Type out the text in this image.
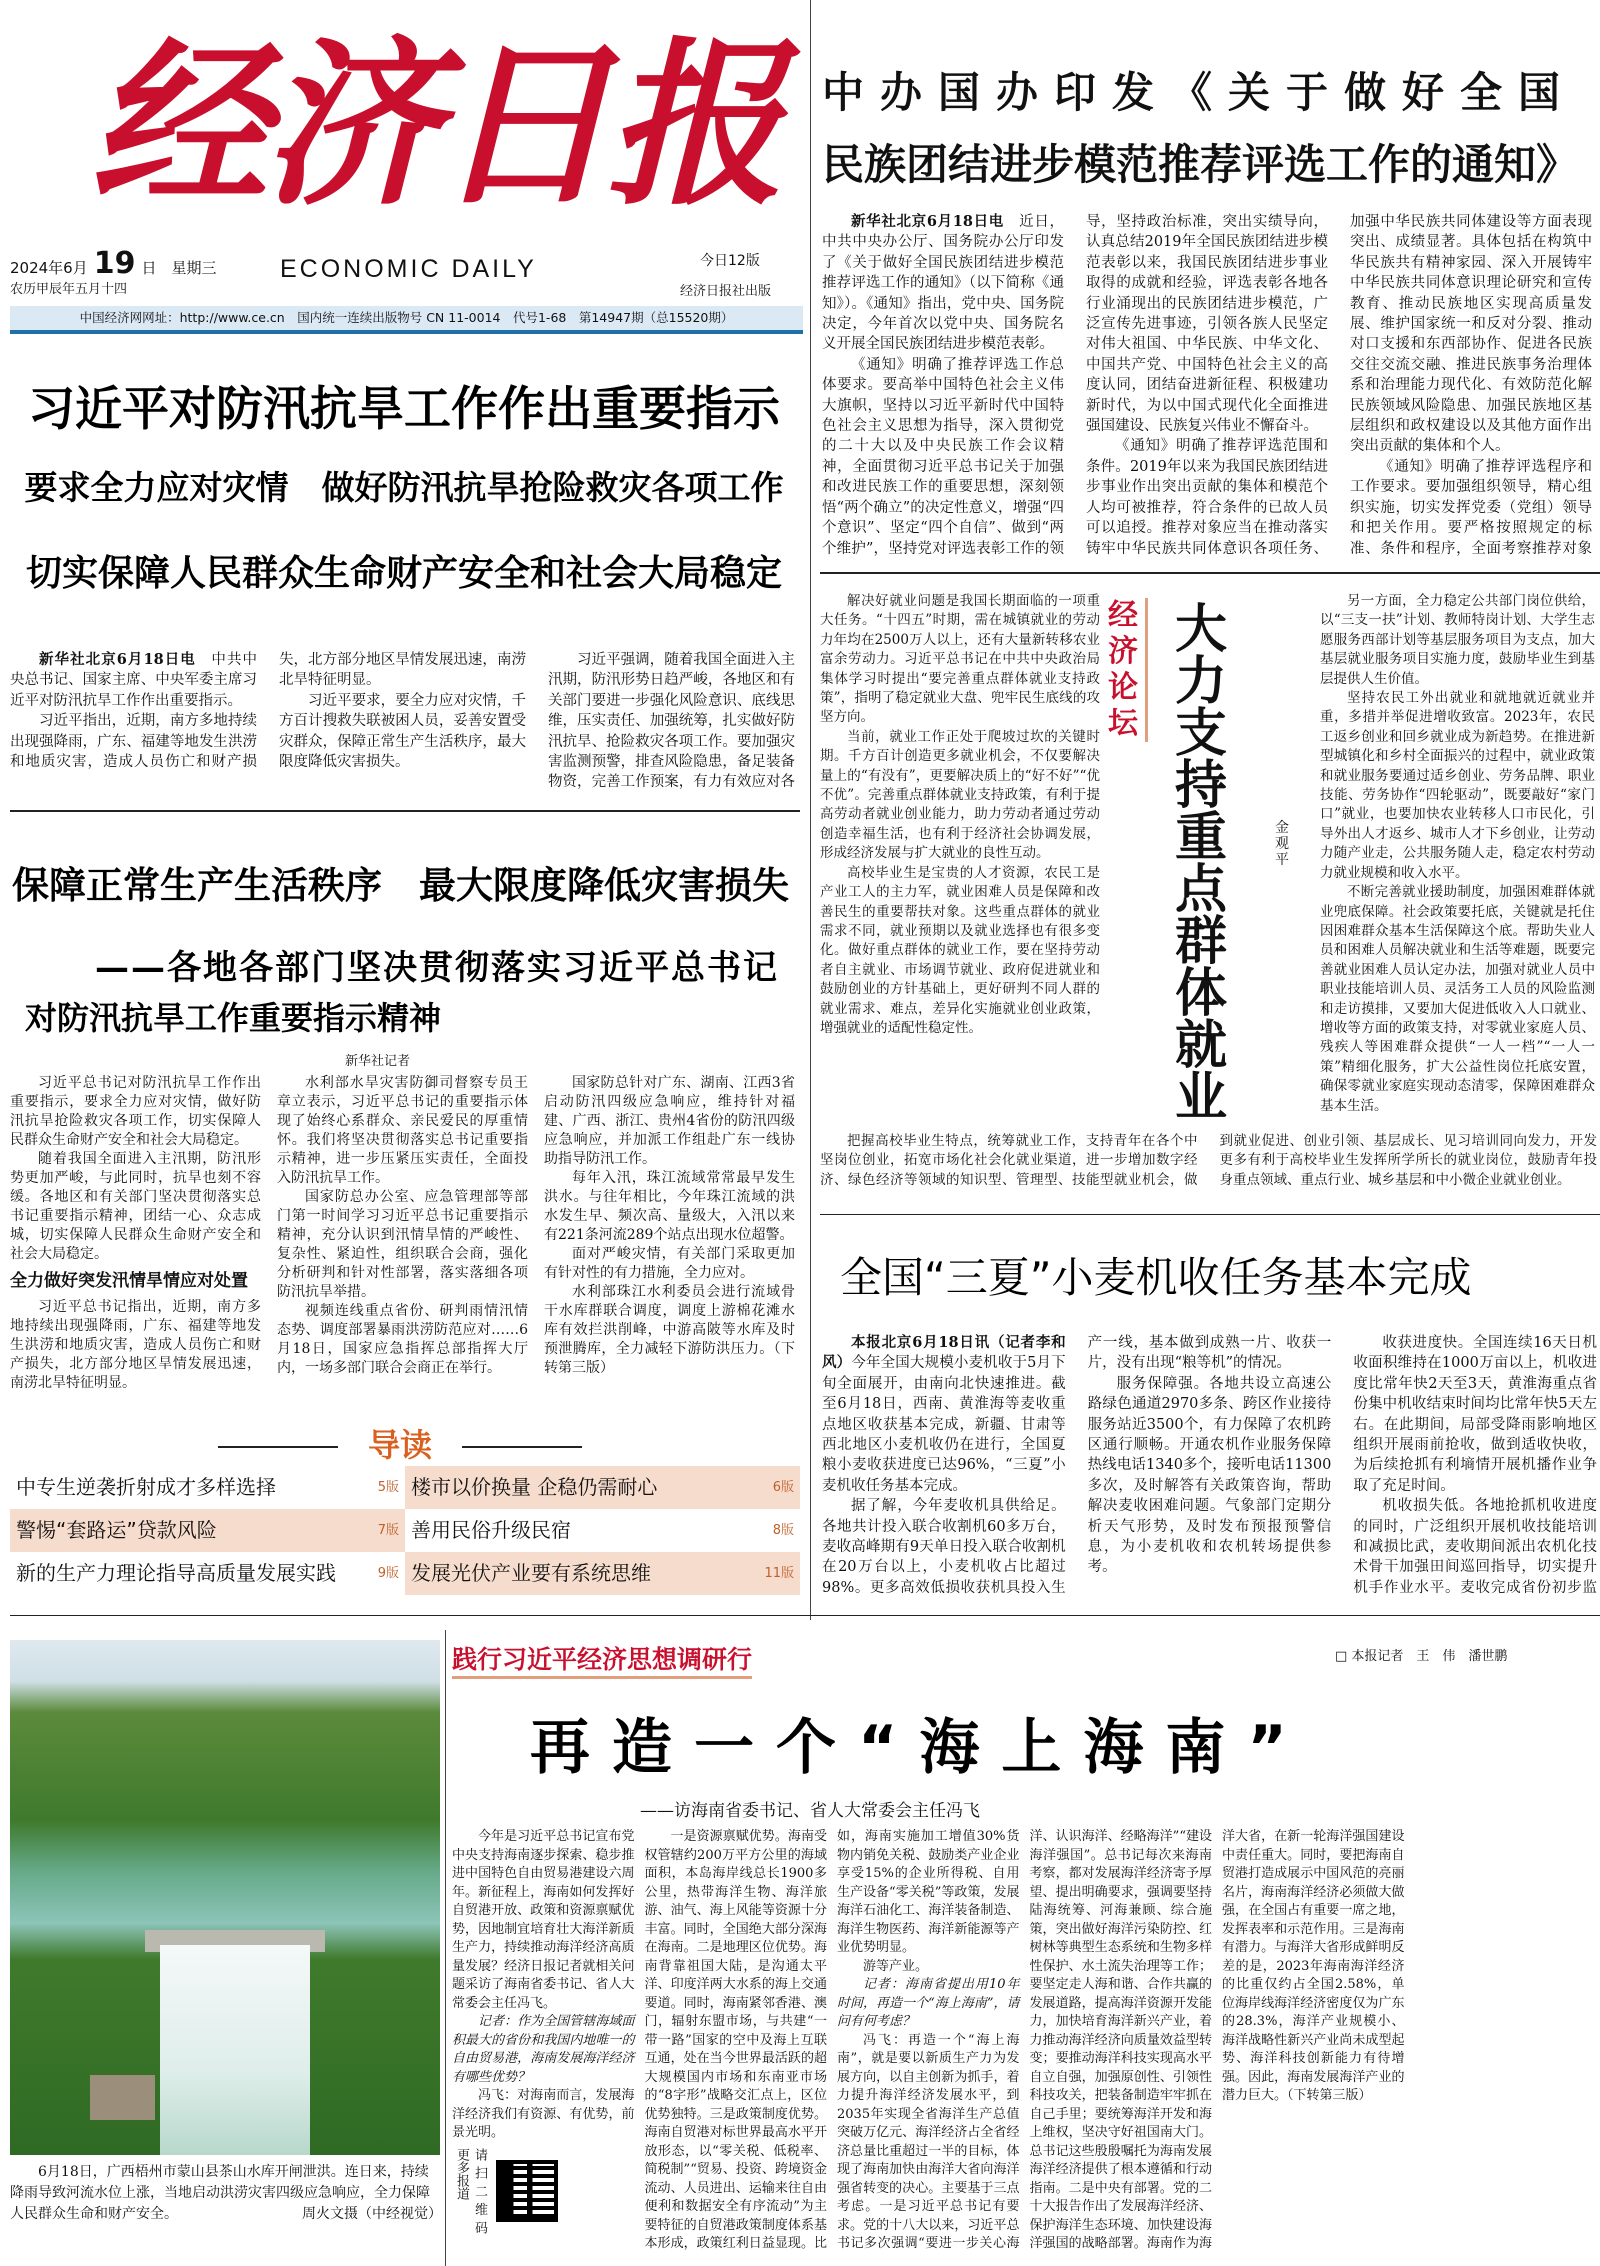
经济日报
2024年6月 19 日　星期三
农历甲辰年五月十四
ECONOMIC DAILY	今日12版
经济日报社出版
中国经济网网址：http://www.ce.cn　国内统一连续出版物号 CN 11-0014　代号1-68　第14947期（总15520期）
中办国办印发《关于做好全国
民族团结进步模范推荐评选工作的通知》

新华社北京6月18日电　 近日，中共中央办公厅、国务院办公厅印发了《关于做好全国民族团结进步模范推荐评选工作的通知》（以下简称《通知》）。《通知》指出，党中央、国务院决定，今年首次以党中央、国务院名义开展全国民族团结进步模范表彰。

《通知》明确了推荐评选工作总体要求。要高举中国特色社会主义伟大旗帜，坚持以习近平新时代中国特色社会主义思想为指导，深入贯彻党的二十大以及中央民族工作会议精神，全面贯彻习近平总书记关于加强和改进民族工作的重要思想，深刻领悟“两个确立”的决定性意义，增强“四个意识”、坚定“四个自信”、做到“两个维护”，坚持党对评选表彰工作的领导，坚持政治标准，突出实绩导向，认真总结2019年全国民族团结进步模范表彰以来，我国民族团结进步事业取得的成就和经验，评选表彰各地各行业涌现出的民族团结进步模范，广泛宣传先进事迹，引领各族人民坚定对伟大祖国、中华民族、中华文化、中国共产党、中国特色社会主义的高度认同，团结奋进新征程、积极建功新时代，为以中国式现代化全面推进强国建设、民族复兴伟业不懈奋斗。

《通知》明确了推荐评选范围和条件。2019年以来为我国民族团结进步事业作出突出贡献的集体和模范个人均可被推荐，符合条件的已故人员可以追授。推荐对象应当在推动落实铸牢中华民族共同体意识各项任务、加强中华民族共同体建设等方面表现突出、成绩显著。具体包括在构筑中华民族共有精神家园、深入开展铸牢中华民族共同体意识理论研究和宣传教育、推动民族地区实现高质量发展、维护国家统一和反对分裂、推动对口支援和东西部协作、促进各民族交往交流交融、推进民族事务治理体系和治理能力现代化、有效防范化解民族领域风险隐患、加强民族地区基层组织和政权建设以及其他方面作出突出贡献的集体和个人。

《通知》明确了推荐评选程序和工作要求。要加强组织领导，精心组织实施，切实发挥党委（党组）领导和把关作用。要严格按照规定的标准、条件和程序，全面考察推荐对象

习近平对防汛抗旱工作作出重要指示
要求全力应对灾情　做好防汛抗旱抢险救灾各项工作
切实保障人民群众生命财产安全和社会大局稳定

新华社北京6月18日电　 中共中央总书记、国家主席、中央军委主席习近平对防汛抗旱工作作出重要指示。

习近平指出，近期，南方多地持续出现强降雨，广东、福建等地发生洪涝和地质灾害，造成人员伤亡和财产损失，北方部分地区旱情发展迅速，南涝北旱特征明显。

习近平要求，要全力应对灾情，千方百计搜救失联被困人员，妥善安置受灾群众，保障正常生产生活秩序，最大限度降低灾害损失。

习近平强调，随着我国全面进入主汛期，防汛形势日趋严峻，各地区和有关部门要进一步强化风险意识、底线思维，压实责任、加强统筹，扎实做好防汛抗旱、抢险救灾各项工作。要加强灾害监测预警，排查风险隐患，备足装备物资，完善工作预案，有力有效应对各

保障正常生产生活秩序　最大限度降低灾害损失
——各地各部门坚决贯彻落实习近平总书记
对防汛抗旱工作重要指示精神
新华社记者

习近平总书记对防汛抗旱工作作出重要指示，要求全力应对灾情，做好防汛抗旱抢险救灾各项工作，切实保障人民群众生命财产安全和社会大局稳定。

随着我国全面进入主汛期，防汛形势更加严峻，与此同时，抗旱也刻不容缓。各地区和有关部门坚决贯彻落实总书记重要指示精神，团结一心、众志成城，切实保障人民群众生命财产安全和社会大局稳定。

全力做好突发汛情旱情应对处置

习近平总书记指出，近期，南方多地持续出现强降雨，广东、福建等地发生洪涝和地质灾害，造成人员伤亡和财产损失，北方部分地区旱情发展迅速，南涝北旱特征明显。

水利部水旱灾害防御司督察专员王章立表示，习近平总书记的重要指示体现了始终心系群众、亲民爱民的厚重情怀。我们将坚决贯彻落实总书记重要指示精神，进一步压紧压实责任，全面投入防汛抗旱工作。

国家防总办公室、应急管理部等部门第一时间学习习近平总书记重要指示精神，充分认识到汛情旱情的严峻性、复杂性、紧迫性，组织联合会商，强化分析研判和针对性部署，落实落细各项防汛抗旱举措。

视频连线重点省份、研判雨情汛情态势、调度部署暴雨洪涝防范应对……6月18日，国家应急指挥总部指挥大厅内，一场多部门联合会商正在举行。

国家防总针对广东、湖南、江西3省启动防汛四级应急响应，维持针对福建、广西、浙江、贵州4省份的防汛四级应急响应，并加派工作组赴广东一线协助指导防汛工作。

每年入汛，珠江流域常常最早发生洪水。与往年相比，今年珠江流域的洪水发生早、频次高、量级大，入汛以来有221条河流289个站点出现水位超警。

面对严峻灾情，有关部门采取更加有针对性的有力措施，全力应对。

水利部珠江水利委员会进行流域骨干水库群联合调度，调度上游棉花滩水库有效拦洪削峰，中游高陂等水库及时预泄腾库，全力减轻下游防洪压力。（下转第三版）

导读
中专生逆袭折射成才多样选择	5版 楼市以价换量 企稳仍需耐心	6版
警惕“套路运”贷款风险	7版 善用民俗升级民宿	8版
新的生产力理论指导高质量发展实践	9版 发展光伏产业要有系统思维	11版

解决好就业问题是我国长期面临的一项重大任务。“十四五”时期，需在城镇就业的劳动力年均在2500万人以上，还有大量新转移农业富余劳动力。习近平总书记在中共中央政治局集体学习时提出“要完善重点群体就业支持政策”，指明了稳定就业大盘、兜牢民生底线的攻坚方向。

当前，就业工作正处于爬坡过坎的关键时期。千方百计创造更多就业机会，不仅要解决量上的“有没有”，更要解决质上的“好不好”“优不优”。完善重点群体就业支持政策，有利于提高劳动者就业创业能力，助力劳动者通过劳动创造幸福生活，也有利于经济社会协调发展，形成经济发展与扩大就业的良性互动。

高校毕业生是宝贵的人才资源，农民工是产业工人的主力军，就业困难人员是保障和改善民生的重要帮扶对象。这些重点群体的就业需求不同，就业预期以及就业选择也有很多变化。做好重点群体的就业工作，要在坚持劳动者自主就业、市场调节就业、政府促进就业和鼓励创业的方针基础上，更好研判不同人群的就业需求、难点，差异化实施就业创业政策，增强就业的适配性稳定性。

经济论坛
大力支持重点群体就业
金观平

另一方面，全力稳定公共部门岗位供给，以“三支一扶”计划、教师特岗计划、大学生志愿服务西部计划等基层服务项目为支点，加大基层就业服务项目实施力度，鼓励毕业生到基层提供人生价值。

坚持农民工外出就业和就地就近就业并重，多措并举促进增收致富。2023年，农民工返乡创业和回乡就业成为新趋势。在推进新型城镇化和乡村全面振兴的过程中，就业政策和就业服务要通过适乡创业、劳务品牌、职业技能、劳务协作“四轮驱动”，既要敲好“家门口”就业，也要加快农业转移人口市民化，引导外出人才返乡、城市人才下乡创业，让劳动力随产业走，公共服务随人走，稳定农村劳动力就业规模和收入水平。

不断完善就业援助制度，加强困难群体就业兜底保障。社会政策要托底，关键就是托住因困难群众基本生活保障这个底。帮助失业人员和困难人员解决就业和生活等难题，既要完善就业困难人员认定办法，加强对就业人员中职业技能培训人员、灵活务工人员的风险监测和走访摸排，又要加大促进低收入人口就业、增收等方面的政策支持，对零就业家庭人员、残疾人等困难群众提供“一人一档”“一人一策”精细化服务，扩大公益性岗位托底安置，确保零就业家庭实现动态清零，保障困难群众基本生活。

把握高校毕业生特点，统筹就业工作，支持青年在各个中坚岗位创业，拓宽市场化社会化就业渠道，进一步增加数字经济、绿色经济等领域的知识型、管理型、技能型就业机会，做到就业促进、创业引领、基层成长、见习培训同向发力，开发更多有利于高校毕业生发挥所学所长的就业岗位，鼓励青年投身重点领域、重点行业、城乡基层和中小微企业就业创业。

全国“三夏”小麦机收任务基本完成

本报北京6月18日讯（记者李和风）今年全国大规模小麦机收于5月下旬全面展开，由南向北快速推进。截至6月18日，西南、黄淮海等麦收重点地区收获基本完成，新疆、甘肃等西北地区小麦机收仍在进行，全国夏粮小麦收获进度已达96%，“三夏”小麦机收任务基本完成。

据了解，今年麦收机具供给足。各地共计投入联合收割机60多万台，麦收高峰期有9天单日投入联合收割机在20万台以上，小麦机收占比超过98%。更多高效低损收获机具投入生产一线，基本做到成熟一片、收获一片，没有出现“粮等机”的情况。

服务保障强。各地共设立高速公路绿色通道2970多条、跨区作业接待服务站近3500个，有力保障了农机跨区通行顺畅。开通农机作业服务保障热线电话1340多个，接听电话11300多次，及时解答有关政策咨询，帮助解决麦收困难问题。气象部门定期分析天气形势，及时发布预报预警信息，为小麦机收和农机转场提供参考。

收获进度快。全国连续16天日机收面积维持在1000万亩以上，机收进度比常年快2天至3天，黄淮海重点省份集中机收结束时间均比常年快5天左右。在此期间，局部受降雨影响地区组织开展雨前抢收，做到适收快收，为后续抢抓有利墒情开展机播作业争取了充足时间。

机收损失低。各地抢抓机收进度的同时，广泛组织开展机收技能培训和减损比武，麦收期间派出农机化技术骨干加强田间巡回指导，切实提升机手作业水平。麦收完成省份初步监

6月18日，广西梧州市蒙山县茶山水库开闸泄洪。连日来，持续降雨导致河流水位上涨，当地启动洪涝灾害四级应急响应，全力保障人民群众生命和财产安全。	周火文摄（中经视觉）

践行习近平经济思想调研行	□ 本报记者　王　伟　潘世鹏
再造一个“海上海南”
——访海南省委书记、省人大常委会主任冯飞

今年是习近平总书记宣布党中央支持海南逐步探索、稳步推进中国特色自由贸易港建设六周年。新征程上，海南如何发挥好自贸港开放、政策和资源禀赋优势，因地制宜培育壮大海洋新质生产力，持续推动海洋经济高质量发展？经济日报记者就相关问题采访了海南省委书记、省人大常委会主任冯飞。

记者：作为全国管辖海域面积最大的省份和我国内地唯一的自由贸易港，海南发展海洋经济有哪些优势？

冯飞：对海南而言，发展海洋经济我们有资源、有优势，前景光明。

请扫二维码　更多报道

一是资源禀赋优势。海南受权管辖约200万平方公里的海域面积，本岛海岸线总长1900多公里，热带海洋生物、海洋旅游、油气、海上风能等资源十分丰富。同时，全国绝大部分深海在海南。二是地理区位优势。海南背靠祖国大陆，是沟通太平洋、印度洋两大水系的海上交通要道。同时，海南紧邻香港、澳门，辐射东盟市场，与共建“一带一路”国家的空中及海上互联互通，处在当今世界最活跃的超大规模国内市场和东南亚市场的“8字形”战略交汇点上，区位优势独特。三是政策制度优势。海南自贸港对标世界最高水平开放形态，以“零关税、低税率、简税制”“贸易、投资、跨境资金流动、人员进出、运输来往自由便利和数据安全有序流动”为主要特征的自贸港政策制度体系基本形成，政策红利日益显现。比如，海南实施加工增值30%货物内销免关税、鼓励类产业企业享受15%的企业所得税、自用生产设备“零关税”等政策，发展海洋石油化工、海洋装备制造、海洋生物医药、海洋新能源等产业优势明显。

游等产业。

记者：海南省提出用10年时间，再造一个“海上海南”，请问有何考虑？

冯飞：再造一个“海上海南”，就是要以新质生产力为发展方向，以自主创新为抓手，着力提升海洋经济发展水平，到2035年实现全省海洋生产总值突破万亿元、海洋经济占全省经济总量比重超过一半的目标，体现了海南加快由海洋大省向海洋强省转变的决心。主要基于三点考虑。一是习近平总书记有要求。党的十八大以来，习近平总书记多次强调“要进一步关心海洋、认识海洋、经略海洋”“建设海洋强国”。总书记每次来海南考察，都对发展海洋经济寄予厚望、提出明确要求，强调要坚持陆海统筹、河海兼顾、综合施策，突出做好海洋污染防控、红树林等典型生态系统和生物多样性保护、水土流失治理等工作；要坚定走人海和谐、合作共赢的发展道路，提高海洋资源开发能力，加快培育海洋新兴产业，着力推动海洋经济向质量效益型转变；要推动海洋科技实现高水平自立自强，加强原创性、引领性科技攻关，把装备制造牢牢抓在自己手里；要统筹海洋开发和海上维权，坚决守好祖国南大门。总书记这些殷殷嘱托为海南发展海洋经济提供了根本遵循和行动指南。二是中央有部署。党的二十大报告作出了发展海洋经济、保护海洋生态环境、加快建设海洋强国的战略部署。海南作为海洋大省，在新一轮海洋强国建设中责任重大。同时，要把海南自贸港打造成展示中国风范的亮丽名片，海南海洋经济必须做大做强，在全国占有重要一席之地，发挥表率和示范作用。三是海南有潜力。与海洋大省形成鲜明反差的是，2023年海南海洋经济的比重仅约占全国2.58%，单位海岸线海洋经济密度仅为广东的28.3%，海洋产业规模小、海洋战略性新兴产业尚未成型起势、海洋科技创新能力有待增强。因此，海南发展海洋产业的潜力巨大。（下转第三版）
